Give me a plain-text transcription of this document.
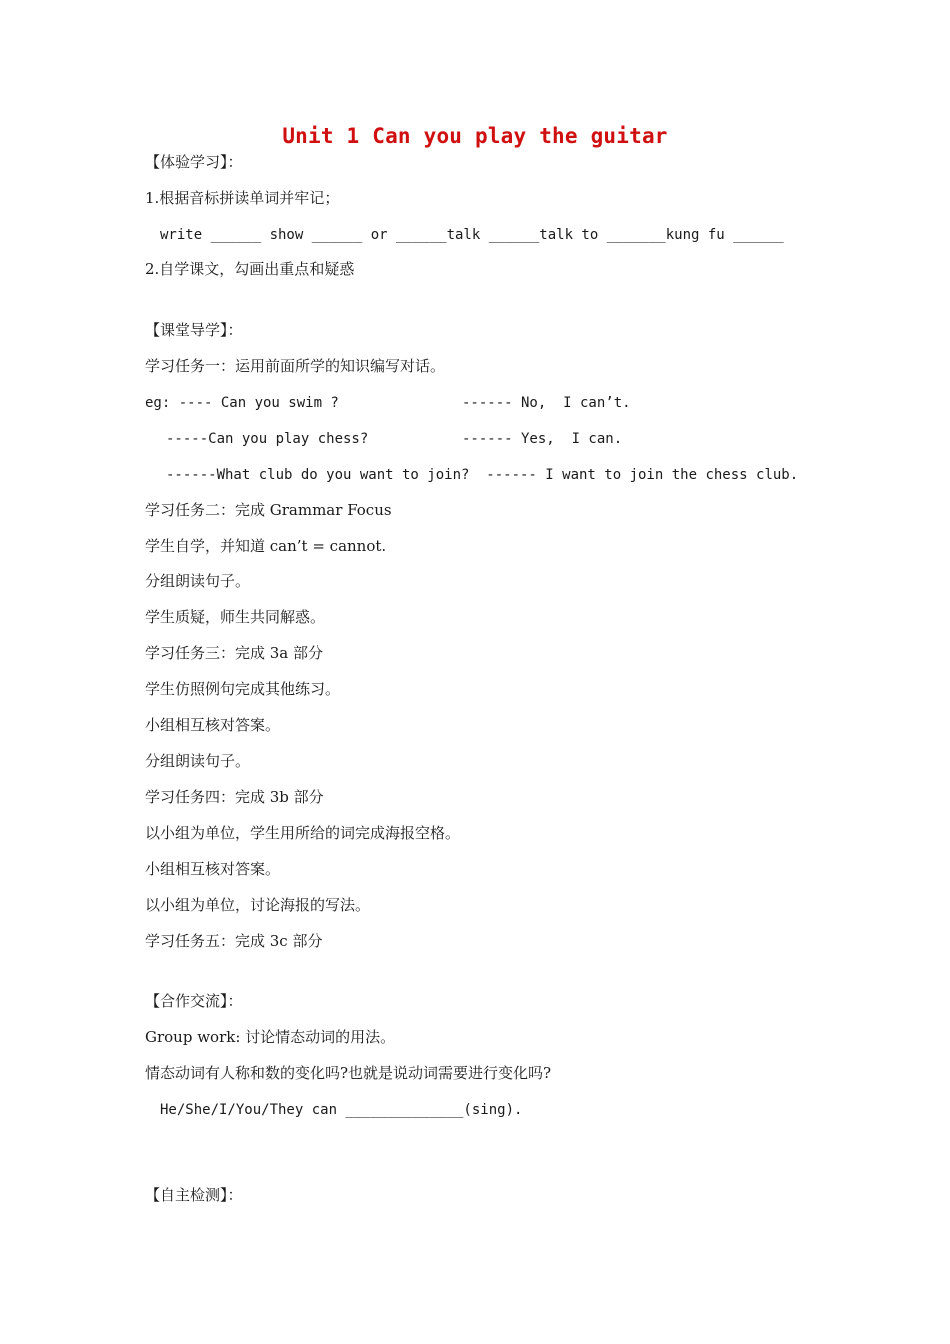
Unit 1 Can you play the guitar
【体验学习】：
1.根据音标拼读单词并牢记；
write ______ show ______ or ______talk ______talk to _______kung fu ______
2.自学课文，勾画出重点和疑惑
【课堂导学】：
学习任务一：运用前面所学的知识编写对话。
eg: ---- Can you swim ?	------ No,  I can’t.
-----Can you play chess?	------ Yes,  I can.
------What club do you want to join?  ------ I want to join the chess club.
学习任务二：完成 Grammar Focus
学生自学，并知道 can’t = cannot.
分组朗读句子。
学生质疑，师生共同解惑。
学习任务三：完成 3a 部分
学生仿照例句完成其他练习。
小组相互核对答案。
分组朗读句子。
学习任务四：完成 3b 部分
以小组为单位，学生用所给的词完成海报空格。
小组相互核对答案。
以小组为单位，讨论海报的写法。
学习任务五：完成 3c 部分
【合作交流】：
Group work: 讨论情态动词的用法。
情态动词有人称和数的变化吗?也就是说动词需要进行变化吗?
He/She/I/You/They can ______________(sing).
【自主检测】：
